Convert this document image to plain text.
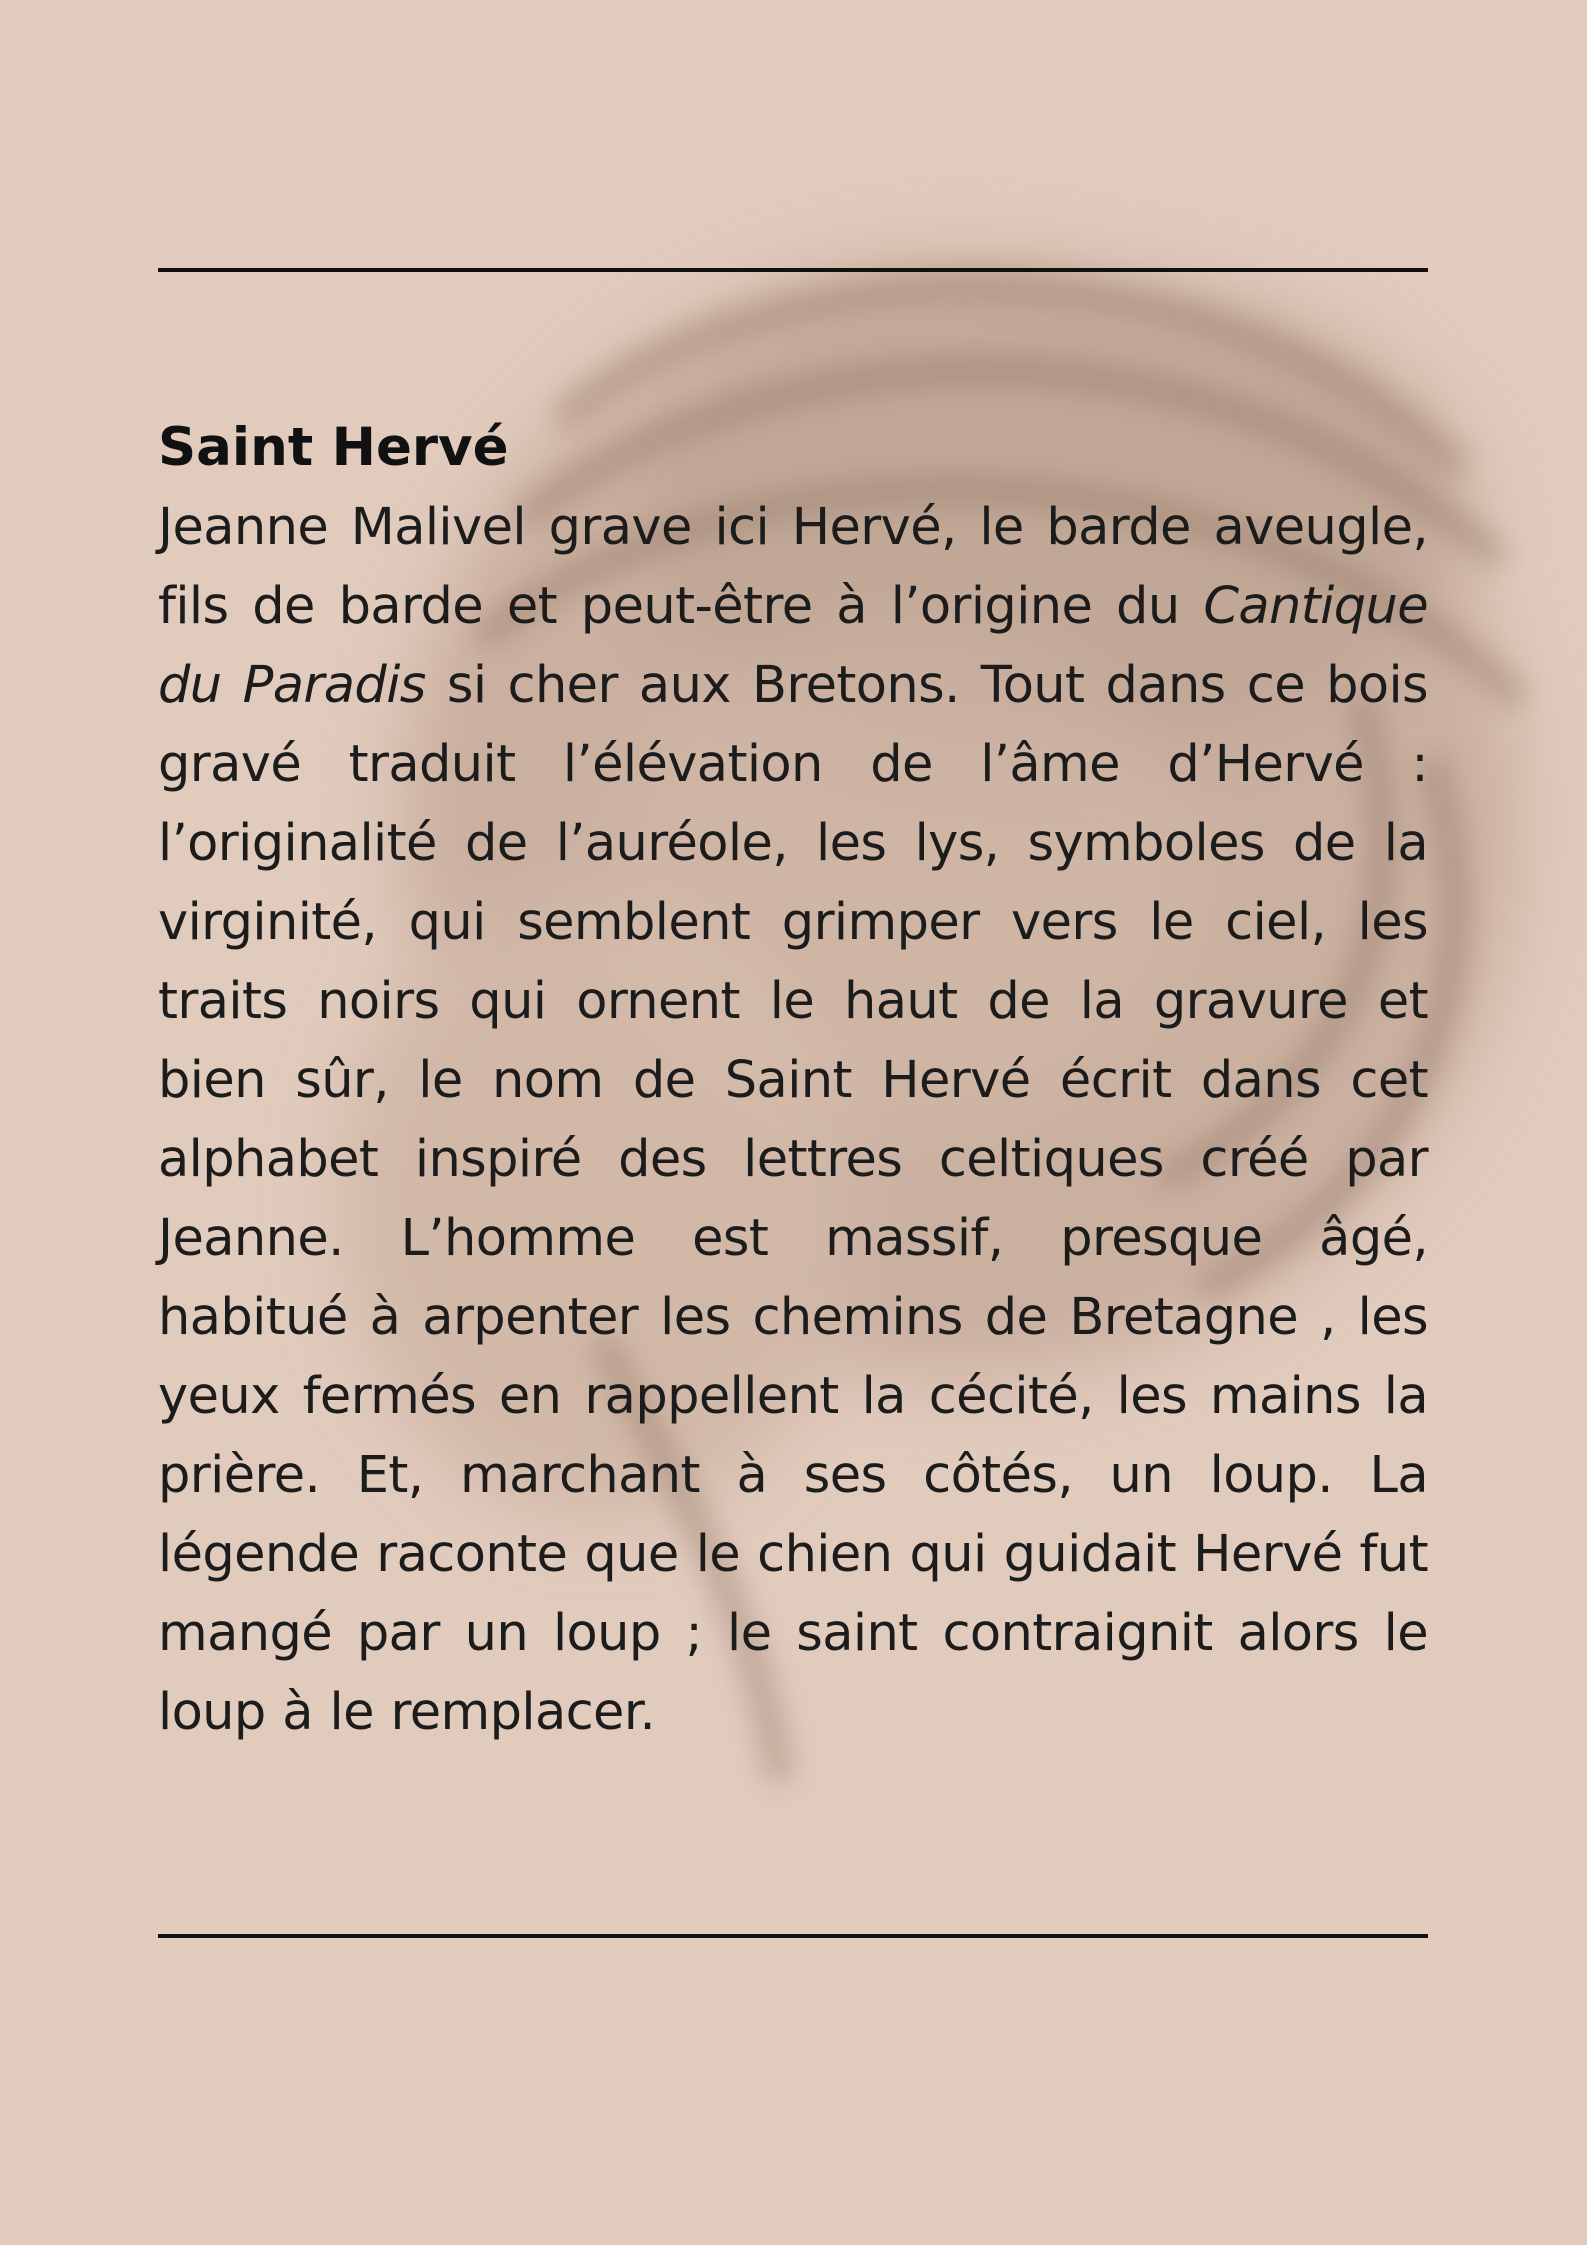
Saint Hervé

Jeanne Malivel grave ici Hervé, le barde aveugle, fils de barde et peut-être à l’origine du Cantique du Paradis si cher aux Bretons. Tout dans ce bois gravé traduit l’élévation de l’âme d’Hervé : l’originalité de l’auréole, les lys, symboles de la virginité, qui semblent grimper vers le ciel, les traits noirs qui ornent le haut de la gravure et bien sûr, le nom de Saint Hervé écrit dans cet alphabet inspiré des lettres celtiques créé par Jeanne. L’homme est massif, presque âgé, habitué à arpenter les chemins de Bretagne , les yeux fermés en rappellent la cécité, les mains la prière. Et, marchant à ses côtés, un loup. La légende raconte que le chien qui guidait Hervé fut mangé par un loup ; le saint contraignit alors le loup à le remplacer.
